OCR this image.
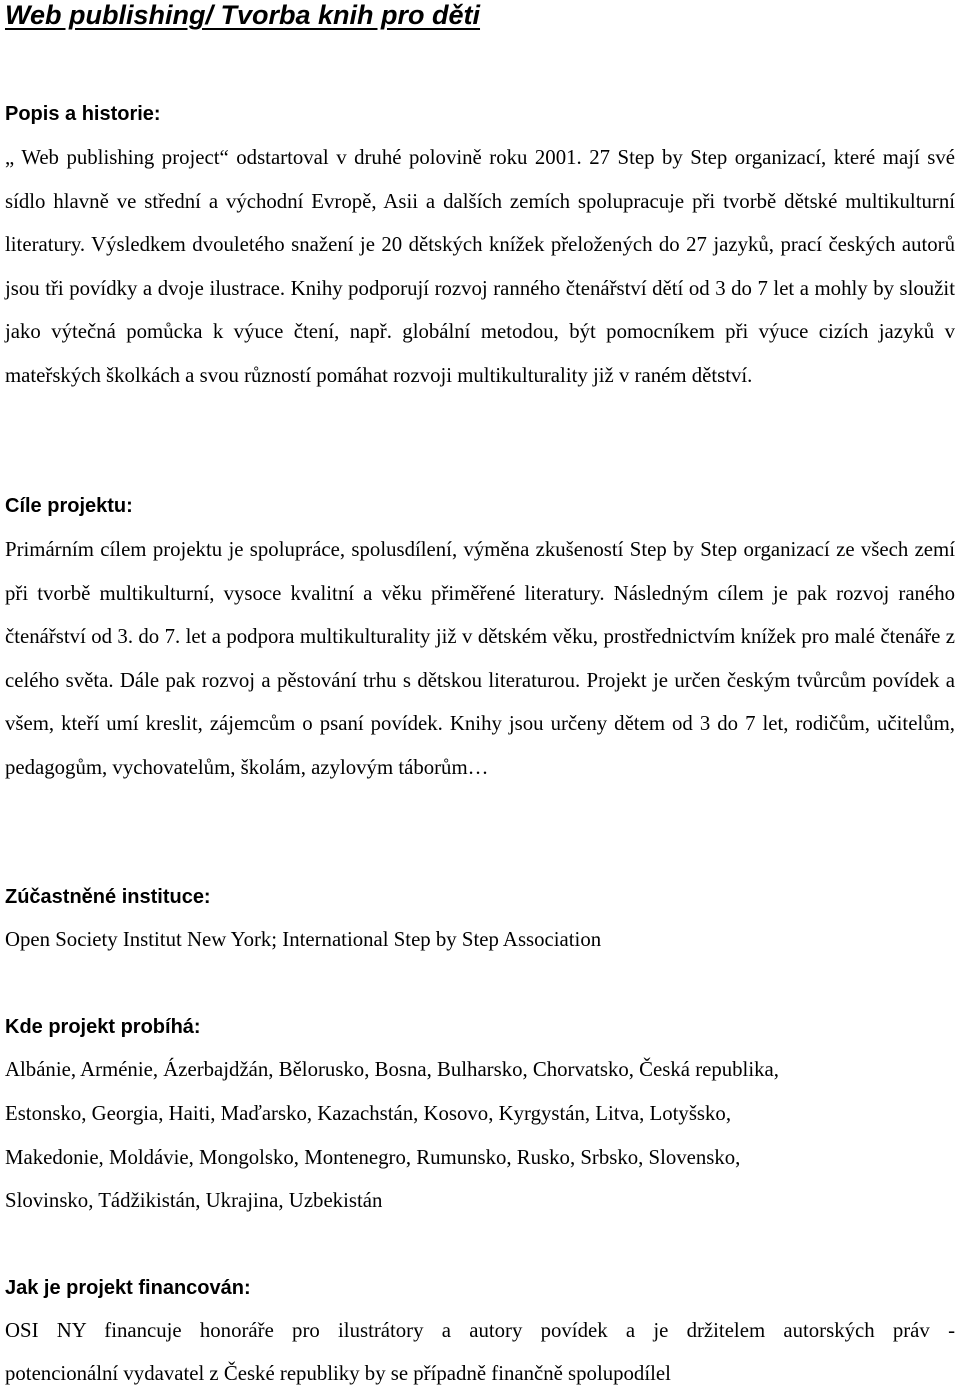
Web publishing/ Tvorba knih pro děti
Popis a historie:

„ Web publishing project“ odstartoval v druhé polovině roku 2001. 27 Step by Step organizací, které mají své sídlo hlavně ve střední a východní Evropě, Asii a dalších zemích spolupracuje při tvorbě dětské multikulturní literatury. Výsledkem dvouletého snažení je 20 dětských knížek přeložených do 27 jazyků, prací českých autorů jsou tři povídky a dvoje ilustrace. Knihy podporují rozvoj ranného čtenářství dětí od 3 do 7 let a mohly by sloužit jako výtečná pomůcka k výuce čtení, např. globální metodou, být pomocníkem při výuce cizích jazyků v mateřských školkách a svou růzností pomáhat rozvoji multikulturality již v raném dětství.

Cíle projektu:

Primárním cílem projektu je spolupráce, spolusdílení, výměna zkušeností Step by Step organizací ze všech zemí při tvorbě multikulturní, vysoce kvalitní a věku přiměřené literatury. Následným cílem je pak rozvoj raného čtenářství od 3. do 7. let a podpora multikulturality již v dětském věku, prostřednictvím knížek pro malé čtenáře z celého světa. Dále pak rozvoj a pěstování trhu s dětskou literaturou. Projekt je určen českým tvůrcům povídek a všem, kteří umí kreslit, zájemcům o psaní povídek. Knihy jsou určeny dětem od 3 do 7 let, rodičům, učitelům, pedagogům, vychovatelům, školám, azylovým táborům…

Zúčastněné instituce:

Open Society Institut New York; International Step by Step Association

Kde projekt probíhá:

Albánie, Arménie, Ázerbajdžán, Bělorusko, Bosna, Bulharsko, Chorvatsko, Česká republika,

Estonsko, Georgia, Haiti, Maďarsko, Kazachstán, Kosovo, Kyrgystán, Litva, Lotyšsko,

Makedonie, Moldávie, Mongolsko, Montenegro, Rumunsko, Rusko, Srbsko, Slovensko,

Slovinsko, Tádžikistán, Ukrajina, Uzbekistán

Jak je projekt financován:

OSI NY financuje honoráře pro ilustrátory a autory povídek a je držitelem autorských práv -

potencionální vydavatel z České republiky by se případně finančně spolupodílel
